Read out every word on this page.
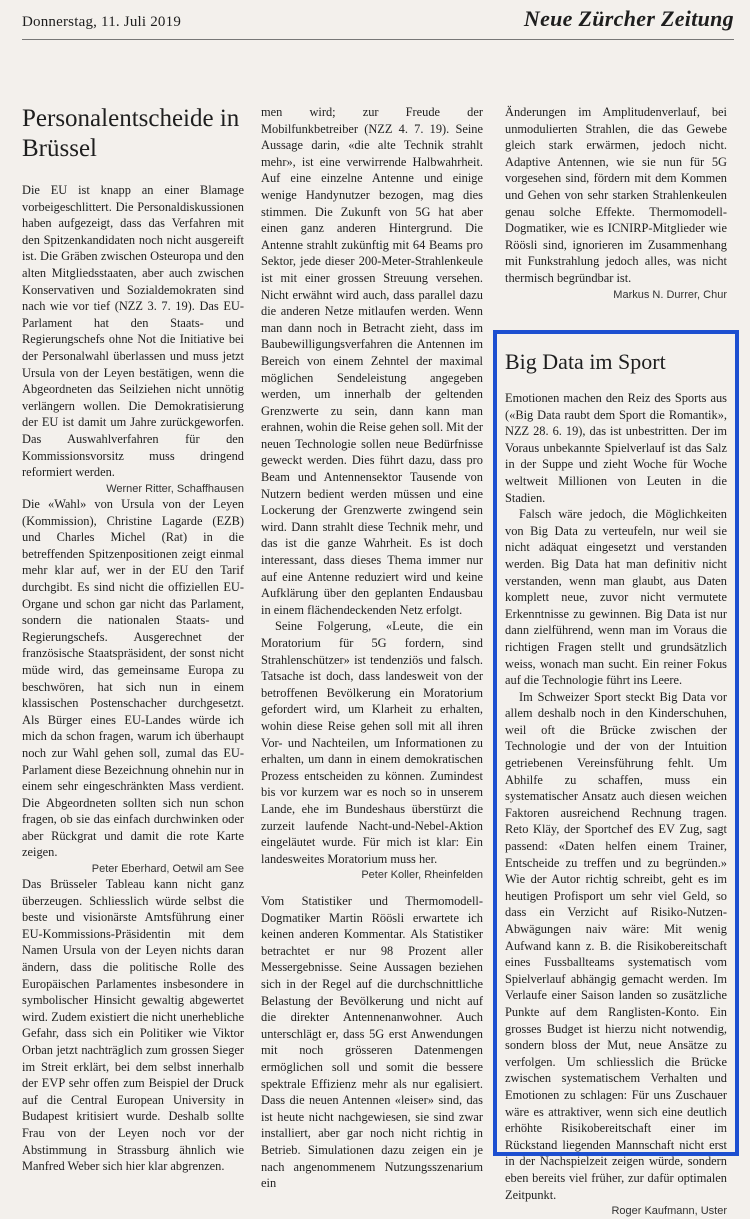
Donnerstag, 11. Juli 2019	Neue Zürcher Zeitung
Personalentscheide in Brüssel

Die EU ist knapp an einer Blamage vorbeigeschlittert. Die Personaldiskussionen haben aufgezeigt, dass das Verfahren mit den Spitzenkandidaten noch nicht ausgereift ist. Die Gräben zwischen Osteuropa und den alten Mitgliedsstaaten, aber auch zwischen Konservativen und Sozialdemokraten sind nach wie vor tief (NZZ 3. 7. 19). Das EU-Parlament hat den Staats- und Regierungschefs ohne Not die Initiative bei der Personalwahl überlassen und muss jetzt Ursula von der Leyen bestätigen, wenn die Abgeordneten das Seilziehen nicht unnötig verlängern wollen. Die Demokratisierung der EU ist damit um Jahre zurückgeworfen. Das Auswahlverfahren für den Kommissionsvorsitz muss dringend reformiert werden.

Werner Ritter, Schaffhausen

Die «Wahl» von Ursula von der Leyen (Kommission), Christine Lagarde (EZB) und Charles Michel (Rat) in die betreffenden Spitzenpositionen zeigt einmal mehr klar auf, wer in der EU den Tarif durchgibt. Es sind nicht die offiziellen EU-Organe und schon gar nicht das Parlament, sondern die nationalen Staats- und Regierungschefs. Ausgerechnet der französische Staatspräsident, der sonst nicht müde wird, das gemeinsame Europa zu beschwören, hat sich nun in einem klassischen Postenschacher durchgesetzt. Als Bürger eines EU-Landes würde ich mich da schon fragen, warum ich überhaupt noch zur Wahl gehen soll, zumal das EU-Parlament diese Bezeichnung ohnehin nur in einem sehr eingeschränkten Mass verdient. Die Abgeordneten sollten sich nun schon fragen, ob sie das einfach durchwinken oder aber Rückgrat und damit die rote Karte zeigen.

Peter Eberhard, Oetwil am See

Das Brüsseler Tableau kann nicht ganz überzeugen. Schliesslich würde selbst die beste und visionärste Amtsführung einer EU-Kommissions-Präsidentin mit dem Namen Ursula von der Leyen nichts daran ändern, dass die politische Rolle des Europäischen Parlamentes insbesondere in symbolischer Hinsicht gewaltig abgewertet wird. Zudem existiert die nicht unerhebliche Gefahr, dass sich ein Politiker wie Viktor Orban jetzt nachträglich zum grossen Sieger im Streit erklärt, bei dem selbst innerhalb der EVP sehr offen zum Beispiel der Druck auf die Central European University in Budapest kritisiert wurde. Deshalb sollte Frau von der Leyen noch vor der Abstimmung in Strassburg ähnlich wie Manfred Weber sich hier klar abgrenzen.

men wird; zur Freude der Mobilfunkbetreiber (NZZ 4. 7. 19). Seine Aussage darin, «die alte Technik strahlt mehr», ist eine verwirrende Halbwahrheit. Auf eine einzelne Antenne und einige wenige Handynutzer bezogen, mag dies stimmen. Die Zukunft von 5G hat aber einen ganz anderen Hintergrund. Die Antenne strahlt zukünftig mit 64 Beams pro Sektor, jede dieser 200-Meter-Strahlenkeule ist mit einer grossen Streuung versehen. Nicht erwähnt wird auch, dass parallel dazu die anderen Netze mitlaufen werden. Wenn man dann noch in Betracht zieht, dass im Baubewilligungsverfahren die Antennen im Bereich von einem Zehntel der maximal möglichen Sendeleistung angegeben werden, um innerhalb der geltenden Grenzwerte zu sein, dann kann man erahnen, wohin die Reise gehen soll. Mit der neuen Technologie sollen neue Bedürfnisse geweckt werden. Dies führt dazu, dass pro Beam und Antennensektor Tausende von Nutzern bedient werden müssen und eine Lockerung der Grenzwerte zwingend sein wird. Dann strahlt diese Technik mehr, und das ist die ganze Wahrheit. Es ist doch interessant, dass dieses Thema immer nur auf eine Antenne reduziert wird und keine Aufklärung über den geplanten Endausbau in einem flächendeckenden Netz erfolgt.

Seine Folgerung, «Leute, die ein Moratorium für 5G fordern, sind Strahlenschützer» ist tendenziös und falsch. Tatsache ist doch, dass landesweit von der betroffenen Bevölkerung ein Moratorium gefordert wird, um Klarheit zu erhalten, wohin diese Reise gehen soll mit all ihren Vor- und Nachteilen, um Informationen zu erhalten, um dann in einem demokratischen Prozess entscheiden zu können. Zumindest bis vor kurzem war es noch so in unserem Lande, ehe im Bundeshaus überstürzt die zurzeit laufende Nacht-und-Nebel-Aktion eingeläutet wurde. Für mich ist klar: Ein landesweites Moratorium muss her.

Peter Koller, Rheinfelden

Vom Statistiker und Thermomodell-Dogmatiker Martin Röösli erwartete ich keinen anderen Kommentar. Als Statistiker betrachtet er nur 98 Prozent aller Messergebnisse. Seine Aussagen beziehen sich in der Regel auf die durchschnittliche Belastung der Bevölkerung und nicht auf die direkter Antennenanwohner. Auch unterschlägt er, dass 5G erst Anwendungen mit noch grösseren Datenmengen ermöglichen soll und somit die bessere spektrale Effizienz mehr als nur egalisiert. Dass die neuen Antennen «leiser» sind, das ist heute nicht nachgewiesen, sie sind zwar installiert, aber gar noch nicht richtig in Betrieb. Simulationen dazu zeigen ein je nach angenommenem Nutzungsszenarium ein

Änderungen im Amplitudenverlauf, bei unmodulierten Strahlen, die das Gewebe gleich stark erwärmen, jedoch nicht. Adaptive Antennen, wie sie nun für 5G vorgesehen sind, fördern mit dem Kommen und Gehen von sehr starken Strahlenkeulen genau solche Effekte. Thermomodell-Dogmatiker, wie es ICNIRP-Mitglieder wie Röösli sind, ignorieren im Zusammenhang mit Funkstrahlung jedoch alles, was nicht thermisch begründbar ist.

Markus N. Durrer, Chur
Big Data im Sport

Emotionen machen den Reiz des Sports aus («Big Data raubt dem Sport die Romantik», NZZ 28. 6. 19), das ist unbestritten. Der im Voraus unbekannte Spielverlauf ist das Salz in der Suppe und zieht Woche für Woche weltweit Millionen von Leuten in die Stadien.

Falsch wäre jedoch, die Möglichkeiten von Big Data zu verteufeln, nur weil sie nicht adäquat eingesetzt und verstanden werden. Big Data hat man definitiv nicht verstanden, wenn man glaubt, aus Daten komplett neue, zuvor nicht vermutete Erkenntnisse zu gewinnen. Big Data ist nur dann zielführend, wenn man im Voraus die richtigen Fragen stellt und grundsätzlich weiss, wonach man sucht. Ein reiner Fokus auf die Technologie führt ins Leere.

Im Schweizer Sport steckt Big Data vor allem deshalb noch in den Kinderschuhen, weil oft die Brücke zwischen der Technologie und der von der Intuition getriebenen Vereinsführung fehlt. Um Abhilfe zu schaffen, muss ein systematischer Ansatz auch diesen weichen Faktoren ausreichend Rechnung tragen. Reto Kläy, der Sportchef des EV Zug, sagt passend: «Daten helfen einem Trainer, Entscheide zu treffen und zu begründen.» Wie der Autor richtig schreibt, geht es im heutigen Profisport um sehr viel Geld, so dass ein Verzicht auf Risiko-Nutzen-Abwägungen naiv wäre: Mit wenig Aufwand kann z. B. die Risikobereitschaft eines Fussballteams systematisch vom Spielverlauf abhängig gemacht werden. Im Verlaufe einer Saison landen so zusätzliche Punkte auf dem Ranglisten-Konto. Ein grosses Budget ist hierzu nicht notwendig, sondern bloss der Mut, neue Ansätze zu verfolgen. Um schliesslich die Brücke zwischen systematischem Verhalten und Emotionen zu schlagen: Für uns Zuschauer wäre es attraktiver, wenn sich eine deutlich erhöhte Risikobereitschaft einer im Rückstand liegenden Mannschaft nicht erst in der Nachspielzeit zeigen würde, sondern eben bereits viel früher, zur dafür optimalen Zeitpunkt.

Roger Kaufmann, Uster
